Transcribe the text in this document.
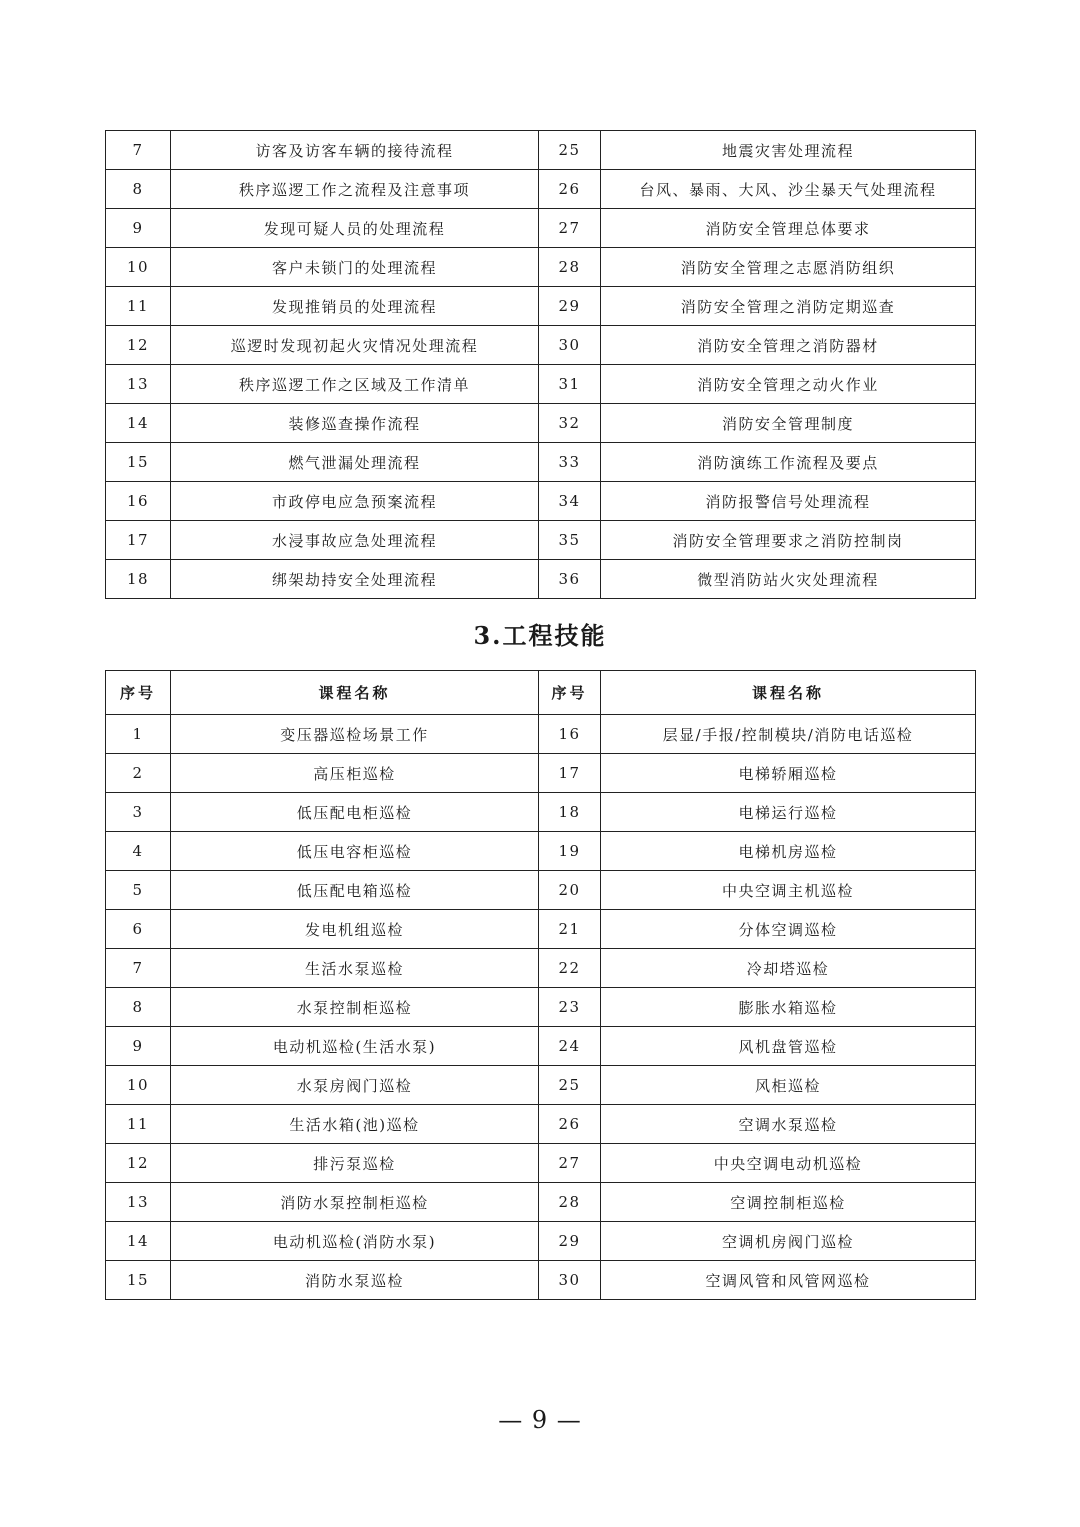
7	访客及访客车辆的接待流程	25	地震灾害处理流程
8	秩序巡逻工作之流程及注意事项	26	台风、暴雨、大风、沙尘暴天气处理流程
9	发现可疑人员的处理流程	27	消防安全管理总体要求
10	客户未锁门的处理流程	28	消防安全管理之志愿消防组织
11	发现推销员的处理流程	29	消防安全管理之消防定期巡查
12	巡逻时发现初起火灾情况处理流程	30	消防安全管理之消防器材
13	秩序巡逻工作之区域及工作清单	31	消防安全管理之动火作业
14	装修巡查操作流程	32	消防安全管理制度
15	燃气泄漏处理流程	33	消防演练工作流程及要点
16	市政停电应急预案流程	34	消防报警信号处理流程
17	水浸事故应急处理流程	35	消防安全管理要求之消防控制岗
18	绑架劫持安全处理流程	36	微型消防站火灾处理流程
3.工程技能
序号	课程名称	序号	课程名称
1	变压器巡检场景工作	16	层显/手报/控制模块/消防电话巡检
2	高压柜巡检	17	电梯轿厢巡检
3	低压配电柜巡检	18	电梯运行巡检
4	低压电容柜巡检	19	电梯机房巡检
5	低压配电箱巡检	20	中央空调主机巡检
6	发电机组巡检	21	分体空调巡检
7	生活水泵巡检	22	冷却塔巡检
8	水泵控制柜巡检	23	膨胀水箱巡检
9	电动机巡检(生活水泵)	24	风机盘管巡检
10	水泵房阀门巡检	25	风柜巡检
11	生活水箱(池)巡检	26	空调水泵巡检
12	排污泵巡检	27	中央空调电动机巡检
13	消防水泵控制柜巡检	28	空调控制柜巡检
14	电动机巡检(消防水泵)	29	空调机房阀门巡检
15	消防水泵巡检	30	空调风管和风管网巡检
— 9 —
